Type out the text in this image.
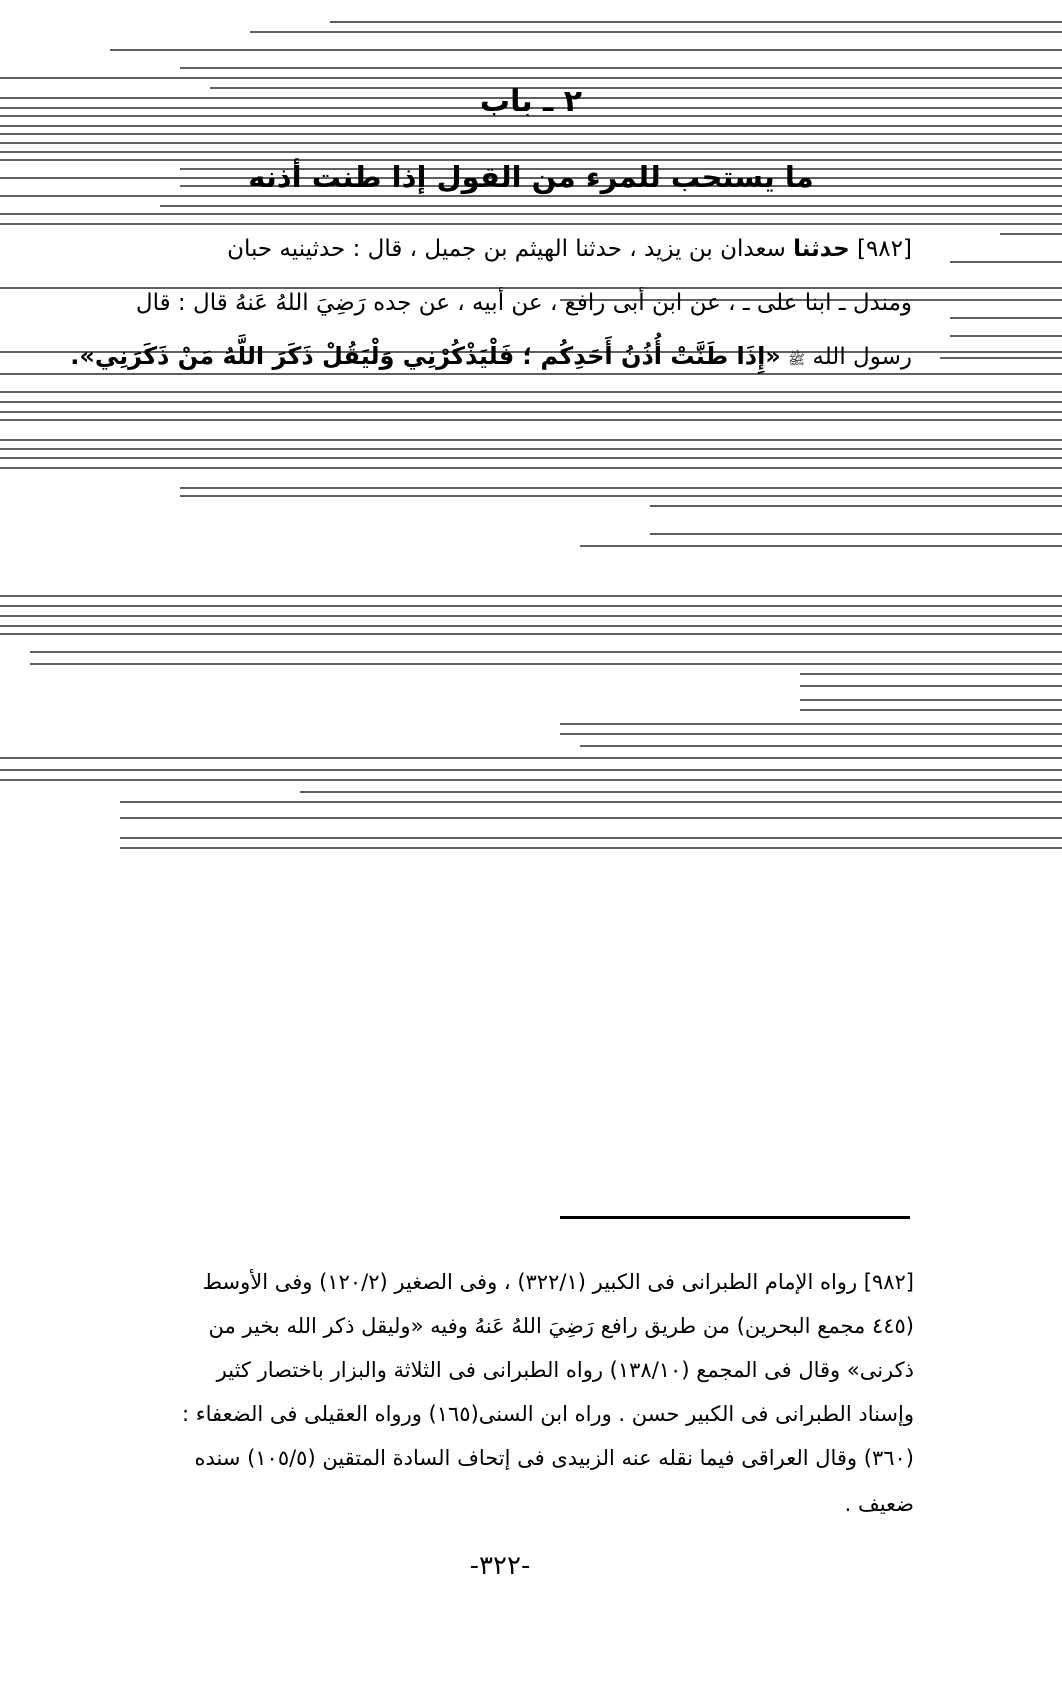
٢ ـ باب
ما يستحب للمرء من القول إذا طنت أذنه
[٩٨٢] حدثنا سعدان بن يزيد ، حدثنا الهيثم بن جميل ، قال : حدثينيه حبان
ومندل ـ ابنا على ـ ، عن ابن أبى رافع ، عن أبيه ، عن جده رَضِيَ اللهُ عَنهُ قال : قال
رسول الله ﷺ «إِذَا طَنَّتْ أُذُنُ أَحَدِكُم ؛ فَلْيَذْكُرْنِي وَلْيَقُلْ ذَكَرَ اللَّهُ مَنْ ذَكَرَنِي».
[٩٨٢] رواه الإمام الطبرانى فى الكبير (٣٢٢/١) ، وفى الصغير (١٢٠/٢) وفى الأوسط
(٤٤٥ مجمع البحرين) من طريق رافع رَضِيَ اللهُ عَنهُ وفيه «وليقل ذكر الله بخير من
ذكرنى» وقال فى المجمع (١٣٨/١٠) رواه الطبرانى فى الثلاثة والبزار باختصار كثير
وإسناد الطبرانى فى الكبير حسن . وراه ابن السنى(١٦٥) ورواه العقيلى فى الضعفاء :
(٣٦٠) وقال العراقى فيما نقله عنه الزبيدى فى إتحاف السادة المتقين (١٠٥/٥) سنده
ضعيف .
-٣٢٢-
